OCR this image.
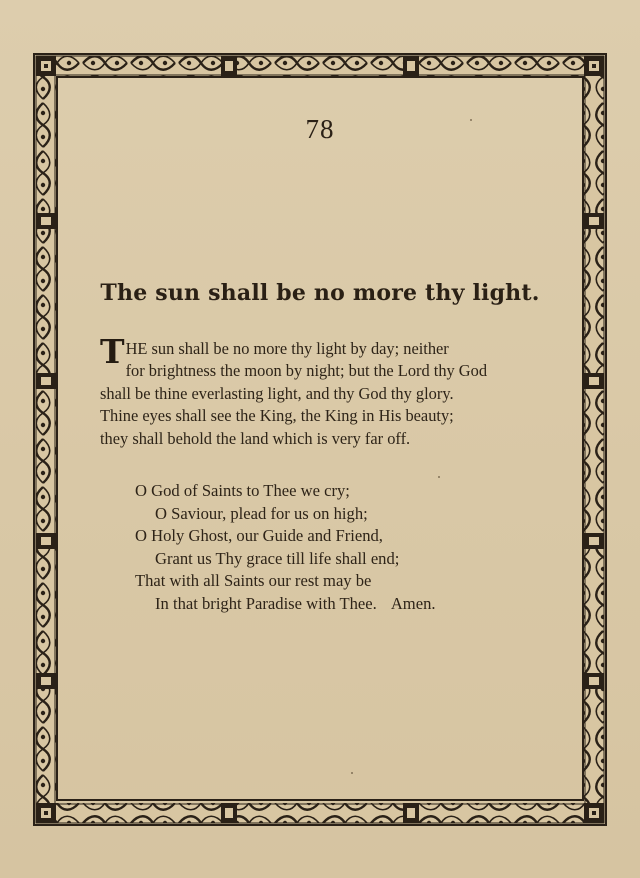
78
The sun shall be no more thy light.
T HE sun shall be no more thy light by day; neither
for brightness the moon by night; but the Lord thy God
shall be thine everlasting light, and thy God thy glory.
Thine eyes shall see the King, the King in His beauty;
they shall behold the land which is very far off.
O God of Saints to Thee we cry;
O Saviour, plead for us on high;
O Holy Ghost, our Guide and Friend,
Grant us Thy grace till life shall end;
That with all Saints our rest may be
In that bright Paradise with Thee. Amen.
